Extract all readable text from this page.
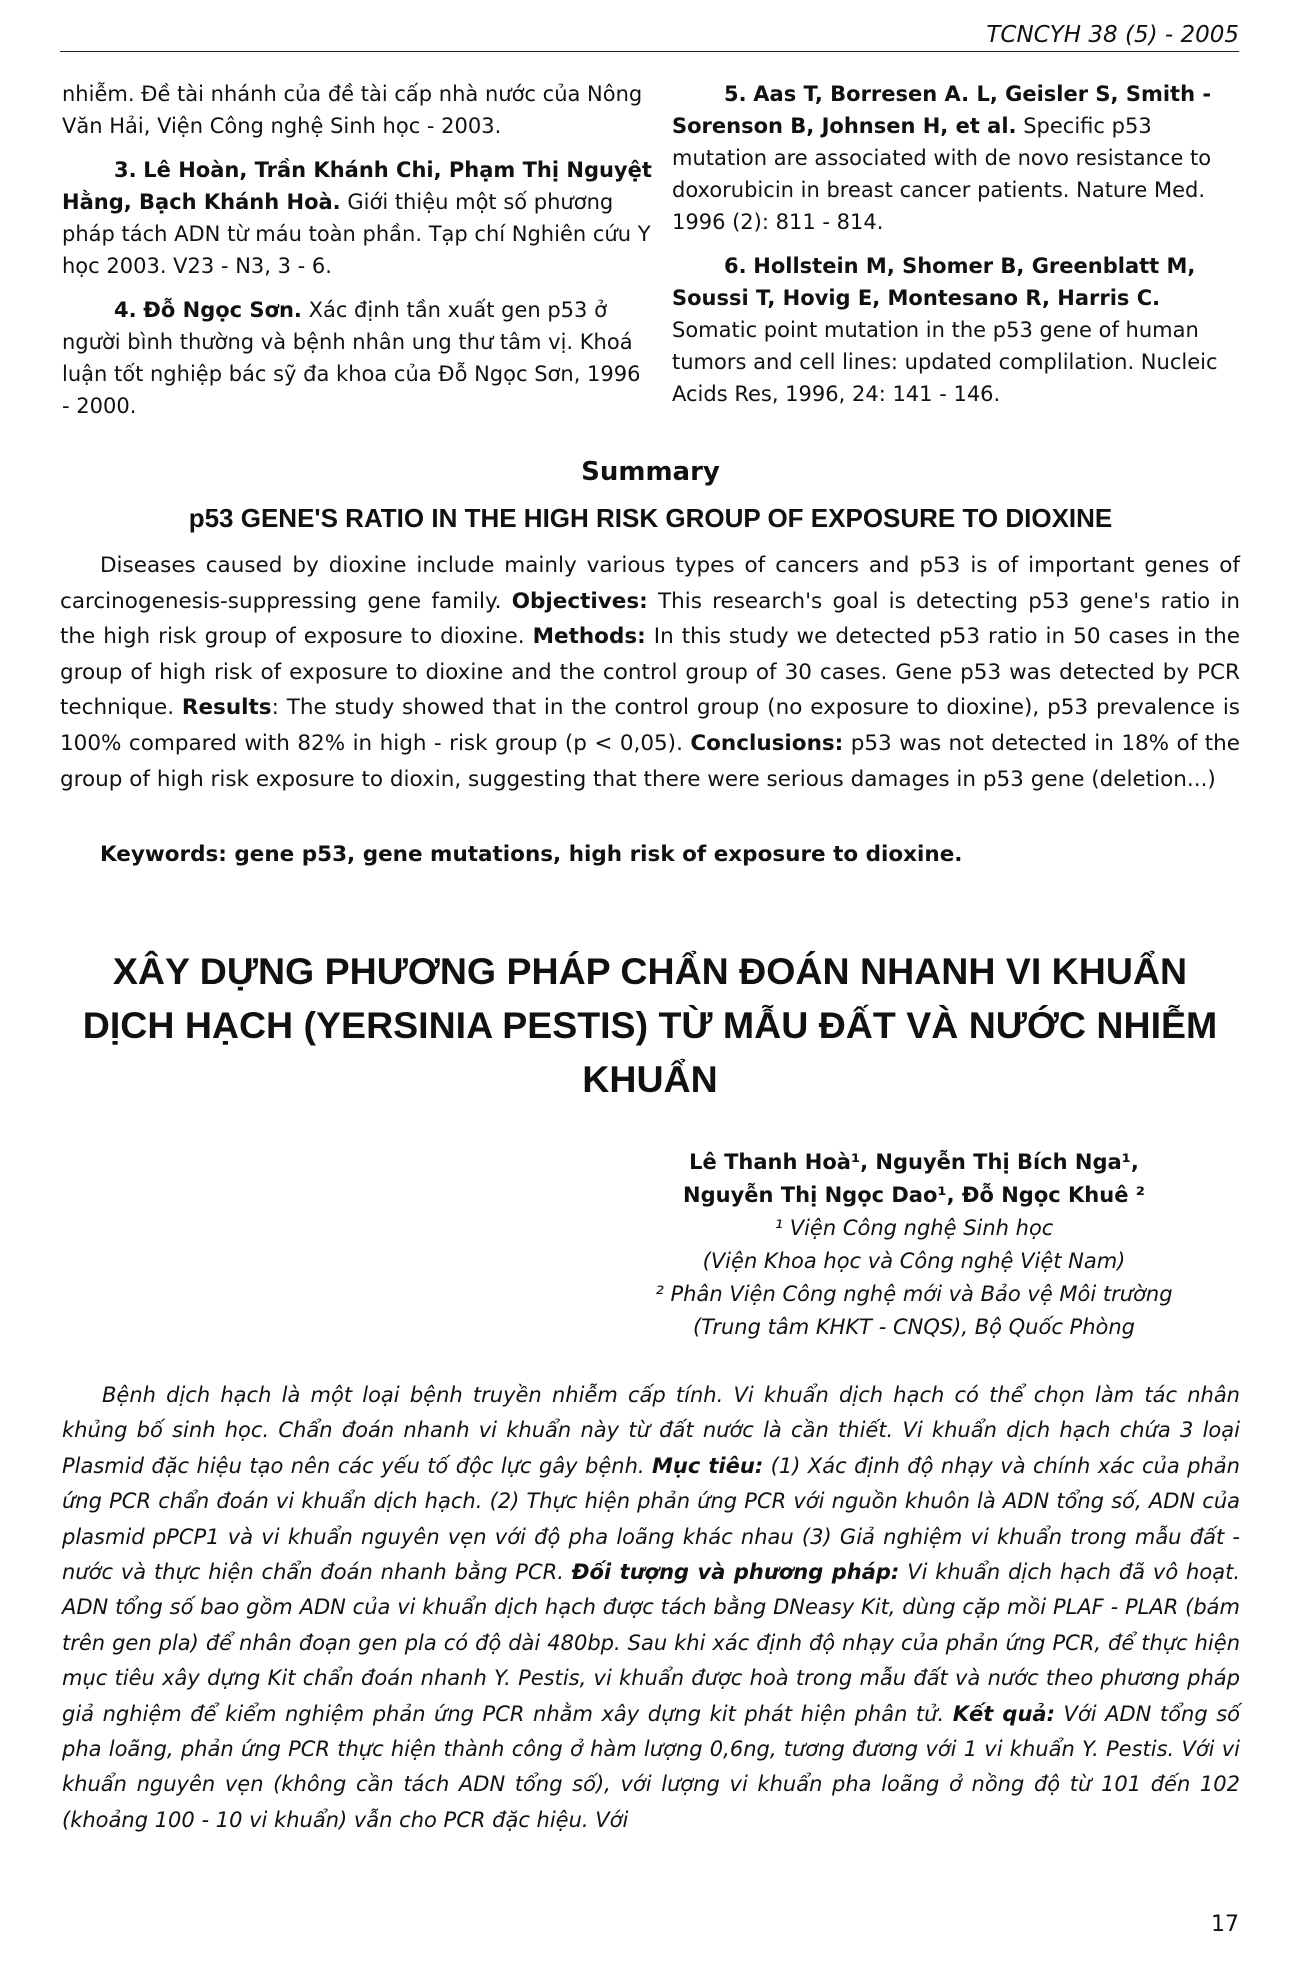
TCNCYH 38 (5) - 2005

nhiễm. Đề tài nhánh của đề tài cấp nhà nước của Nông Văn Hải, Viện Công nghệ Sinh học - 2003.

3. Lê Hoàn, Trần Khánh Chi, Phạm Thị Nguyệt Hằng, Bạch Khánh Hoà. Giới thiệu một số phương pháp tách ADN từ máu toàn phần. Tạp chí Nghiên cứu Y học 2003. V23 - N3, 3 - 6.

4. Đỗ Ngọc Sơn. Xác định tần xuất gen p53 ở người bình thường và bệnh nhân ung thư tâm vị. Khoá luận tốt nghiệp bác sỹ đa khoa của Đỗ Ngọc Sơn, 1996 - 2000.

5. Aas T, Borresen A. L, Geisler S, Smith - Sorenson B, Johnsen H, et al. Specific p53 mutation are associated with de novo resistance to doxorubicin in breast cancer patients. Nature Med. 1996 (2): 811 - 814.

6. Hollstein M, Shomer B, Greenblatt M, Soussi T, Hovig E, Montesano R, Harris C. Somatic point mutation in the p53 gene of human tumors and cell lines: updated complilation. Nucleic Acids Res, 1996, 24: 141 - 146.

Summary
p53 GENE'S RATIO IN THE HIGH RISK GROUP OF EXPOSURE TO DIOXINE

Diseases caused by dioxine include mainly various types of cancers and p53 is of important genes of carcinogenesis-suppressing gene family. Objectives: This research's goal is detecting p53 gene's ratio in the high risk group of exposure to dioxine. Methods: In this study we detected p53 ratio in 50 cases in the group of high risk of exposure to dioxine and the control group of 30 cases. Gene p53 was detected by PCR technique. Results: The study showed that in the control group (no exposure to dioxine), p53 prevalence is 100% compared with 82% in high - risk group (p < 0,05). Conclusions: p53 was not detected in 18% of the group of high risk exposure to dioxin, suggesting that there were serious damages in p53 gene (deletion...)

Keywords: gene p53, gene mutations, high risk of exposure to dioxine.

XÂY DỰNG PHƯƠNG PHÁP CHẨN ĐOÁN NHANH VI KHUẨN DỊCH HẠCH (YERSINIA PESTIS) TỪ MẪU ĐẤT VÀ NƯỚC NHIỄM KHUẨN
Lê Thanh Hoà¹, Nguyễn Thị Bích Nga¹,
Nguyễn Thị Ngọc Dao¹, Đỗ Ngọc Khuê ²
¹ Viện Công nghệ Sinh học
(Viện Khoa học và Công nghệ Việt Nam)
² Phân Viện Công nghệ mới và Bảo vệ Môi trường
(Trung tâm KHKT - CNQS), Bộ Quốc Phòng

Bệnh dịch hạch là một loại bệnh truyền nhiễm cấp tính. Vi khuẩn dịch hạch có thể chọn làm tác nhân khủng bố sinh học. Chẩn đoán nhanh vi khuẩn này từ đất nước là cần thiết. Vi khuẩn dịch hạch chứa 3 loại Plasmid đặc hiệu tạo nên các yếu tố độc lực gây bệnh. Mục tiêu: (1) Xác định độ nhạy và chính xác của phản ứng PCR chẩn đoán vi khuẩn dịch hạch. (2) Thực hiện phản ứng PCR với nguồn khuôn là ADN tổng số, ADN của plasmid pPCP1 và vi khuẩn nguyên vẹn với độ pha loãng khác nhau (3) Giả nghiệm vi khuẩn trong mẫu đất - nước và thực hiện chẩn đoán nhanh bằng PCR. Đối tượng và phương pháp: Vi khuẩn dịch hạch đã vô hoạt. ADN tổng số bao gồm ADN của vi khuẩn dịch hạch được tách bằng DNeasy Kit, dùng cặp mồi PLAF - PLAR (bám trên gen pla) để nhân đoạn gen pla có độ dài 480bp. Sau khi xác định độ nhạy của phản ứng PCR, để thực hiện mục tiêu xây dựng Kit chẩn đoán nhanh Y. Pestis, vi khuẩn được hoà trong mẫu đất và nước theo phương pháp giả nghiệm để kiểm nghiệm phản ứng PCR nhằm xây dựng kit phát hiện phân tử. Kết quả: Với ADN tổng số pha loãng, phản ứng PCR thực hiện thành công ở hàm lượng 0,6ng, tương đương với 1 vi khuẩn Y. Pestis. Với vi khuẩn nguyên vẹn (không cần tách ADN tổng số), với lượng vi khuẩn pha loãng ở nồng độ từ 101 đến 102 (khoảng 100 - 10 vi khuẩn) vẫn cho PCR đặc hiệu. Với

17
